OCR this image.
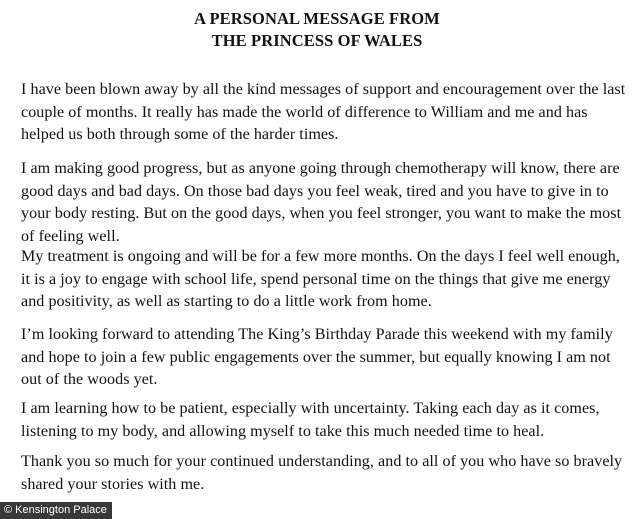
A PERSONAL MESSAGE FROM
THE PRINCESS OF WALES

I have been blown away by all the kind messages of support and encouragement over the last
couple of months. It really has made the world of difference to William and me and has
helped us both through some of the harder times.

I am making good progress, but as anyone going through chemotherapy will know, there are
good days and bad days. On those bad days you feel weak, tired and you have to give in to
your body resting. But on the good days, when you feel stronger, you want to make the most
of feeling well.

My treatment is ongoing and will be for a few more months. On the days I feel well enough,
it is a joy to engage with school life, spend personal time on the things that give me energy
and positivity, as well as starting to do a little work from home.

I’m looking forward to attending The King’s Birthday Parade this weekend with my family
and hope to join a few public engagements over the summer, but equally knowing I am not
out of the woods yet.

I am learning how to be patient, especially with uncertainty. Taking each day as it comes,
listening to my body, and allowing myself to take this much needed time to heal.

Thank you so much for your continued understanding, and to all of you who have so bravely
shared your stories with me.

© Kensington Palace
